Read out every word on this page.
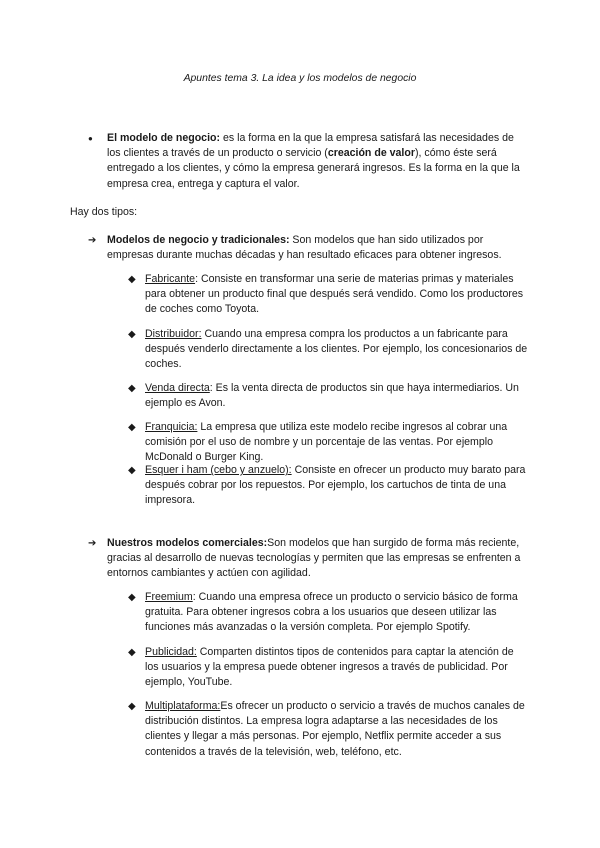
Apuntes tema 3. La idea y los modelos de negocio
● El modelo de negocio: es la forma en la que la empresa satisfará las necesidades de los clientes a través de un producto o servicio (creación de valor), cómo éste será entregado a los clientes, y cómo la empresa generará ingresos. Es la forma en la que la empresa crea, entrega y captura el valor.

Hay dos tipos:

➔ Modelos de negocio y tradicionales: Son modelos que han sido utilizados por empresas durante muchas décadas y han resultado eficaces para obtener ingresos.

◆ Fabricante: Consiste en transformar una serie de materias primas y materiales para obtener un producto final que después será vendido. Como los productores de coches como Toyota.

◆ Distribuidor: Cuando una empresa compra los productos a un fabricante para después venderlo directamente a los clientes. Por ejemplo, los concesionarios de coches.

◆ Venda directa: Es la venta directa de productos sin que haya intermediarios. Un ejemplo es Avon.

◆ Franquicia: La empresa que utiliza este modelo recibe ingresos al cobrar una comisión por el uso de nombre y un porcentaje de las ventas. Por ejemplo McDonald o Burger King.

◆ Esquer i ham (cebo y anzuelo): Consiste en ofrecer un producto muy barato para después cobrar por los repuestos. Por ejemplo, los cartuchos de tinta de una impresora.

➔ Nuestros modelos comerciales:Son modelos que han surgido de forma más reciente, gracias al desarrollo de nuevas tecnologías y permiten que las empresas se enfrenten a entornos cambiantes y actúen con agilidad.

◆ Freemium: Cuando una empresa ofrece un producto o servicio básico de forma gratuita. Para obtener ingresos cobra a los usuarios que deseen utilizar las funciones más avanzadas o la versión completa. Por ejemplo Spotify.

◆ Publicidad: Comparten distintos tipos de contenidos para captar la atención de los usuarios y la empresa puede obtener ingresos a través de publicidad. Por ejemplo, YouTube.

◆ Multiplataforma:Es ofrecer un producto o servicio a través de muchos canales de distribución distintos. La empresa logra adaptarse a las necesidades de los clientes y llegar a más personas. Por ejemplo, Netflix permite acceder a sus contenidos a través de la televisión, web, teléfono, etc.
